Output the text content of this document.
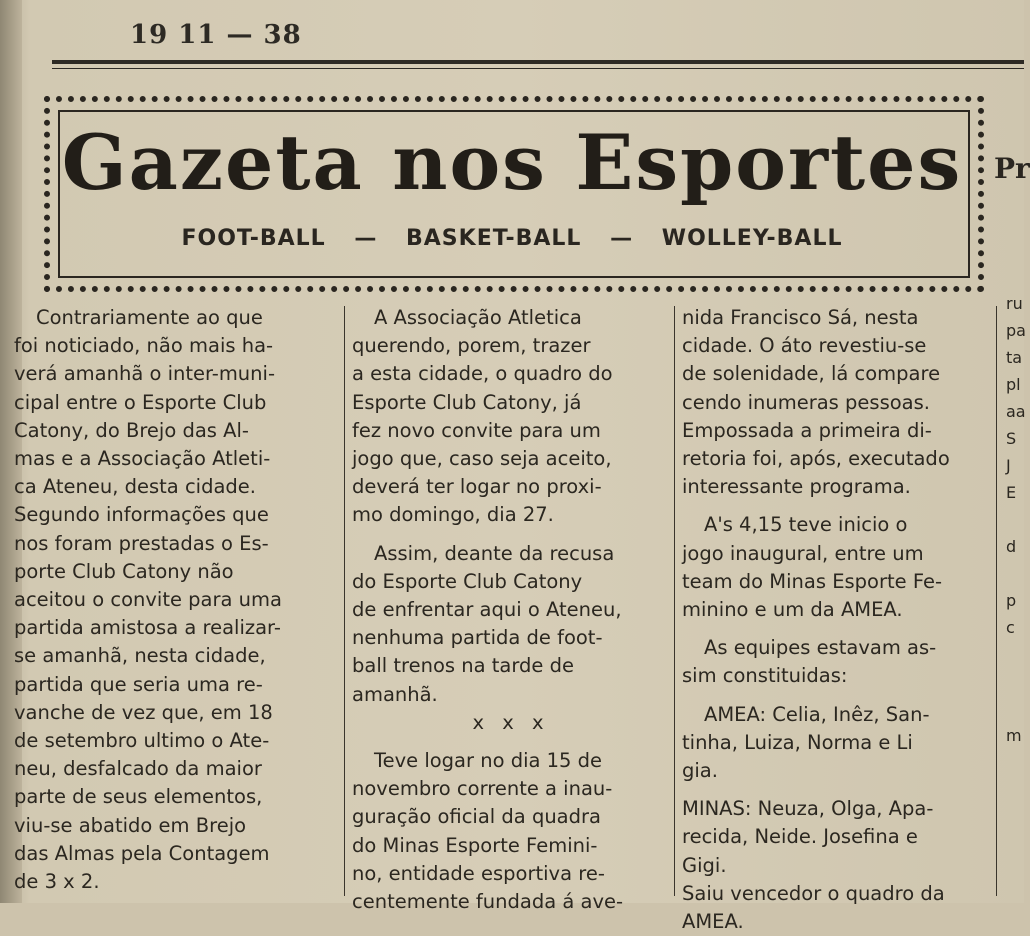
19 11 — 38
Gazeta nos Esportes
FOOT-BALL — BASKET-BALL — WOLLEY-BALL
Pr
Contrariamente ao que
foi noticiado, não mais ha-
verá amanhã o inter-muni-
cipal entre o Esporte Club
Catony, do Brejo das Al-
mas e a Associação Atleti-
ca Ateneu, desta cidade.
Segundo informações que
nos foram prestadas o Es-
porte Club Catony não
aceitou o convite para uma
partida amistosa a realizar-
se amanhã, nesta cidade,
partida que seria uma re-
vanche de vez que, em 18
de setembro ultimo o Ate-
neu, desfalcado da maior
parte de seus elementos,
viu-se abatido em Brejo
das Almas pela Contagem
de 3 x 2.
A Associação Atletica
querendo, porem, trazer
a esta cidade, o quadro do
Esporte Club Catony, já
fez novo convite para um
jogo que, caso seja aceito,
deverá ter logar no proxi-
mo domingo, dia 27.
Assim, deante da recusa
do Esporte Club Catony
de enfrentar aqui o Ateneu,
nenhuma partida de foot-
ball trenos na tarde de
amanhã.
x x x
Teve logar no dia 15 de
novembro corrente a inau-
guração oficial da quadra
do Minas Esporte Femini-
no, entidade esportiva re-
centemente fundada á ave-
nida Francisco Sá, nesta
cidade. O áto revestiu-se
de solenidade, lá compare
cendo inumeras pessoas.
Empossada a primeira di-
retoria foi, após, executado
interessante programa.
A's 4,15 teve inicio o
jogo inaugural, entre um
team do Minas Esporte Fe-
minino e um da AMEA.
As equipes estavam as-
sim constituidas:
AMEA: Celia, Inêz, San-
tinha, Luiza, Norma e Li
gia.
MINAS: Neuza, Olga, Apa-
recida, Neide. Josefina e
Gigi.
Saiu vencedor o quadro da
AMEA.
ru
pa
ta
pl
aa
S
J
E

d

p
c

m
